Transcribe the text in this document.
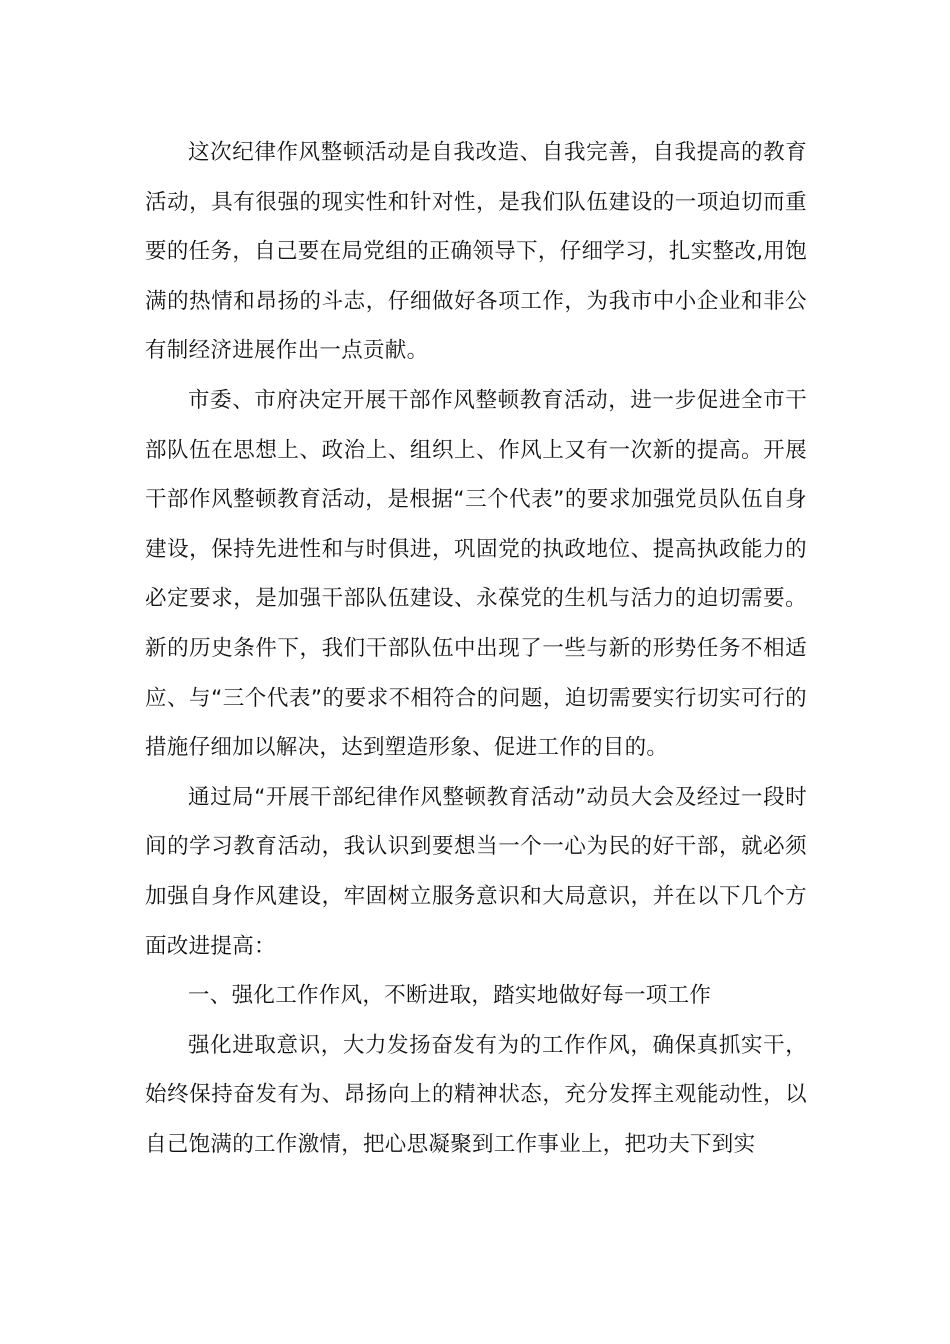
这次纪律作风整顿活动是自我改造、自我完善，自我提高的教育活动，具有很强的现实性和针对性，是我们队伍建设的一项迫切而重要的任务，自己要在局党组的正确领导下，仔细学习，扎实整改,用饱满的热情和昂扬的斗志，仔细做好各项工作，为我市中小企业和非公有制经济进展作出一点贡献。

市委、市府决定开展干部作风整顿教育活动，进一步促进全市干部队伍在思想上、政治上、组织上、作风上又有一次新的提高。开展干部作风整顿教育活动，是根据“三个代表”的要求加强党员队伍自身建设，保持先进性和与时俱进，巩固党的执政地位、提高执政能力的必定要求，是加强干部队伍建设、永葆党的生机与活力的迫切需要。新的历史条件下，我们干部队伍中出现了一些与新的形势任务不相适应、与“三个代表”的要求不相符合的问题，迫切需要实行切实可行的措施仔细加以解决，达到塑造形象、促进工作的目的。

通过局“开展干部纪律作风整顿教育活动”动员大会及经过一段时间的学习教育活动，我认识到要想当一个一心为民的好干部，就必须加强自身作风建设，牢固树立服务意识和大局意识，并在以下几个方面改进提高：

一、强化工作作风，不断进取，踏实地做好每一项工作

强化进取意识，大力发扬奋发有为的工作作风，确保真抓实干，始终保持奋发有为、昂扬向上的精神状态，充分发挥主观能动性，以自己饱满的工作激情，把心思凝聚到工作事业上，把功夫下到实
